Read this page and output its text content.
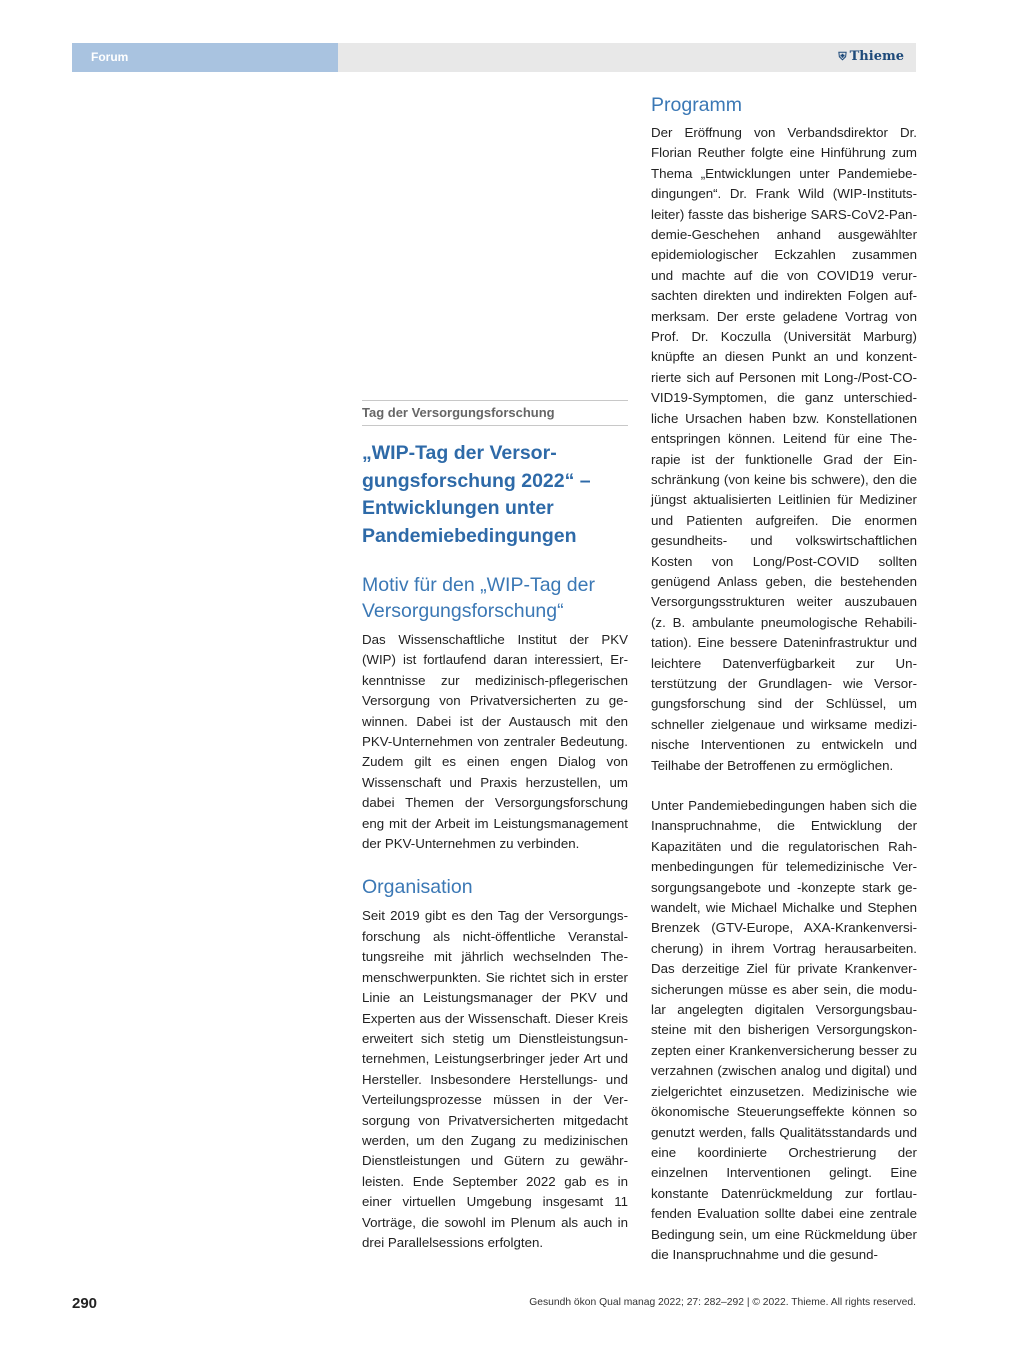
Forum	⛨ Thieme
Tag der Versorgungsforschung
„WIP-Tag der Versorgungsforschung 2022“ – Entwicklungen unter Pandemiebedingungen
Motiv für den „WIP-Tag der Versorgungsforschung“

Das Wissenschaftliche Institut der PKV (WIP) ist fortlaufend daran interessiert, Erkenntnisse zur medizinisch-pflegerischen Versorgung von Privatversicherten zu gewinnen. Dabei ist der Austausch mit den PKV-Unternehmen von zentraler Bedeutung. Zudem gilt es einen engen Dialog von Wissenschaft und Praxis herzustellen, um dabei Themen der Versorgungsforschung eng mit der Arbeit im Leistungsmanagement der PKV-Unternehmen zu verbinden.

Organisation

Seit 2019 gibt es den Tag der Versorgungsforschung als nicht-öffentliche Veranstaltungsreihe mit jährlich wechselnden Themenschwerpunkten. Sie richtet sich in erster Linie an Leistungsmanager der PKV und Experten aus der Wissenschaft. Dieser Kreis erweitert sich stetig um Dienstleistungsunternehmen, Leistungserbringer jeder Art und Hersteller. Insbesondere Herstellungs- und Verteilungsprozesse müssen in der Versorgung von Privatversicherten mitgedacht werden, um den Zugang zu medizinischen Dienstleistungen und Gütern zu gewährleisten. Ende September 2022 gab es in einer virtuellen Umgebung insgesamt 11 Vorträge, die sowohl im Plenum als auch in drei Parallelsessions erfolgten.

Programm

Der Eröffnung von Verbandsdirektor Dr. Florian Reuther folgte eine Hinführung zum Thema „Entwicklungen unter Pandemiebedingungen“. Dr. Frank Wild (WIP-Institutsleiter) fasste das bisherige SARS-CoV2-Pandemie-Geschehen anhand ausgewählter epidemiologischer Eckzahlen zusammen und machte auf die von COVID19 verursachten direkten und indirekten Folgen aufmerksam. Der erste geladene Vortrag von Prof. Dr. Koczulla (Universität Marburg) knüpfte an diesen Punkt an und konzentrierte sich auf Personen mit Long-/Post-COVID19-Symptomen, die ganz unterschiedliche Ursachen haben bzw. Konstellationen entspringen können. Leitend für eine Therapie ist der funktionelle Grad der Einschränkung (von keine bis schwere), den die jüngst aktualisierten Leitlinien für Mediziner und Patienten aufgreifen. Die enormen gesundheits- und volkswirtschaftlichen Kosten von Long/Post-COVID sollten genügend Anlass geben, die bestehenden Versorgungsstrukturen weiter auszubauen (z. B. ambulante pneumologische Rehabilitation). Eine bessere Dateninfrastruktur und leichtere Datenverfügbarkeit zur Unterstützung der Grundlagen- wie Versorgungsforschung sind der Schlüssel, um schneller zielgenaue und wirksame medizinische Interventionen zu entwickeln und Teilhabe der Betroffenen zu ermöglichen.

Unter Pandemiebedingungen haben sich die Inanspruchnahme, die Entwicklung der Kapazitäten und die regulatorischen Rahmenbedingungen für telemedizinische Versorgungsangebote und -konzepte stark gewandelt, wie Michael Michalke und Stephen Brenzek (GTV-Europe, AXA-Krankenversicherung) in ihrem Vortrag herausarbeiten. Das derzeitige Ziel für private Krankenversicherungen müsse es aber sein, die modular angelegten digitalen Versorgungsbausteine mit den bisherigen Versorgungskonzepten einer Krankenversicherung besser zu verzahnen (zwischen analog und digital) und zielgerichtet einzusetzen. Medizinische wie ökonomische Steuerungseffekte können so genutzt werden, falls Qualitätsstandards und eine koordinierte Orchestrierung der einzelnen Interventionen gelingt. Eine konstante Datenrückmeldung zur fortlaufenden Evaluation sollte dabei eine zentrale Bedingung sein, um eine Rückmeldung über die Inanspruchnahme und die gesund-

290	Gesundh ökon Qual manag 2022; 27: 282–292 | © 2022. Thieme. All rights reserved.
